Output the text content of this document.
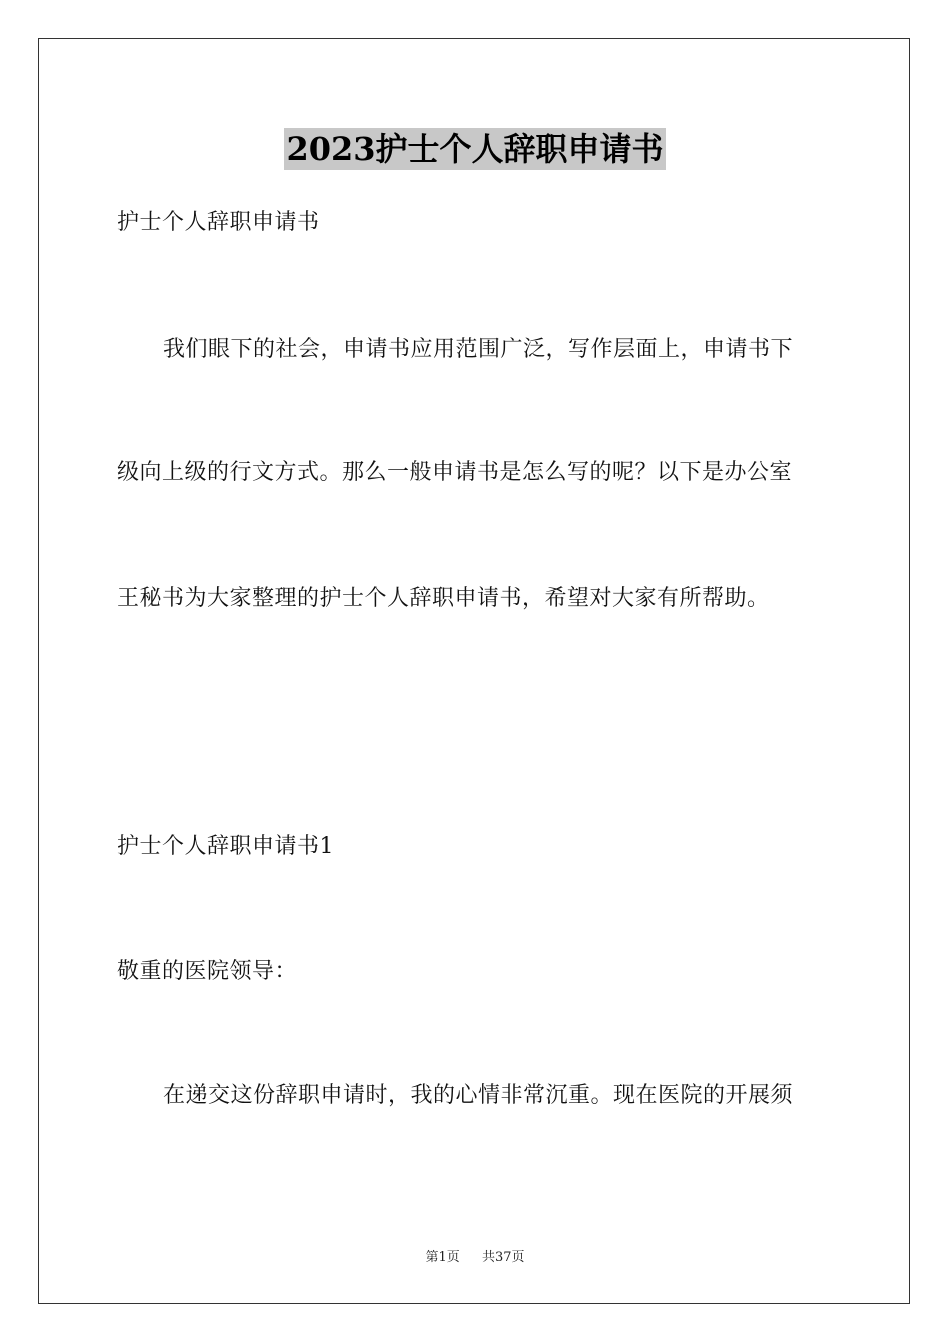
2023护士个人辞职申请书
护士个人辞职申请书
我们眼下的社会，申请书应用范围广泛，写作层面上，申请书下
级向上级的行文方式。那么一般申请书是怎么写的呢？以下是办公室
王秘书为大家整理的护士个人辞职申请书，希望对大家有所帮助。
护士个人辞职申请书1
敬重的医院领导：
在递交这份辞职申请时，我的心情非常沉重。现在医院的开展须
第1页 共37页
